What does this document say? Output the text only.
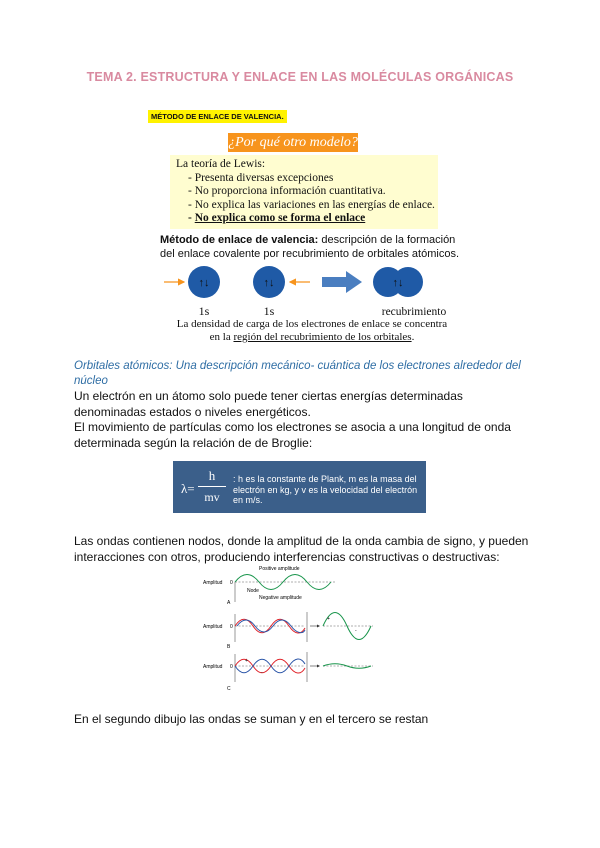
TEMA 2. ESTRUCTURA Y ENLACE EN LAS MOLÉCULAS ORGÁNICAS
MÉTODO DE ENLACE DE VALENCIA.
¿Por qué otro modelo?
La teoría de Lewis:
- Presenta diversas excepciones
- No proporciona información cuantitativa.
- No explica las variaciones en las energías de enlace.
- No explica como se forma el enlace
Método de enlace de valencia: descripción de la formación del enlace covalente por recubrimiento de orbitales atómicos.
↑↓	↑↓	↑↓
1s	1s	recubrimiento
La densidad de carga de los electrones de enlace se concentra en la región del recubrimiento de los orbitales.
Orbitales atómicos: Una descripción mecánico- cuántica de los electrones alrededor del núcleo
Un electrón en un átomo solo puede tener ciertas energías determinadas denominadas estados o niveles energéticos.
El movimiento de partículas como los electrones se asocia a una longitud de onda determinada según la relación de de Broglie:
λ=
h
mv
: h es la constante de Plank, m es la masa del electrón en kg, y v es la velocidad del electrón en m/s.
Las ondas contienen nodos, donde la amplitud de la onda cambia de signo, y pueden interacciones con otros, produciendo interferencias constructivas o destructivas:
Amplitud 0
Positive amplitude
Negative amplitude
Node
A
Amplitud 0
+
-
B
Amplitud 0
+
-
C
En el segundo dibujo las ondas se suman y en el tercero se restan
